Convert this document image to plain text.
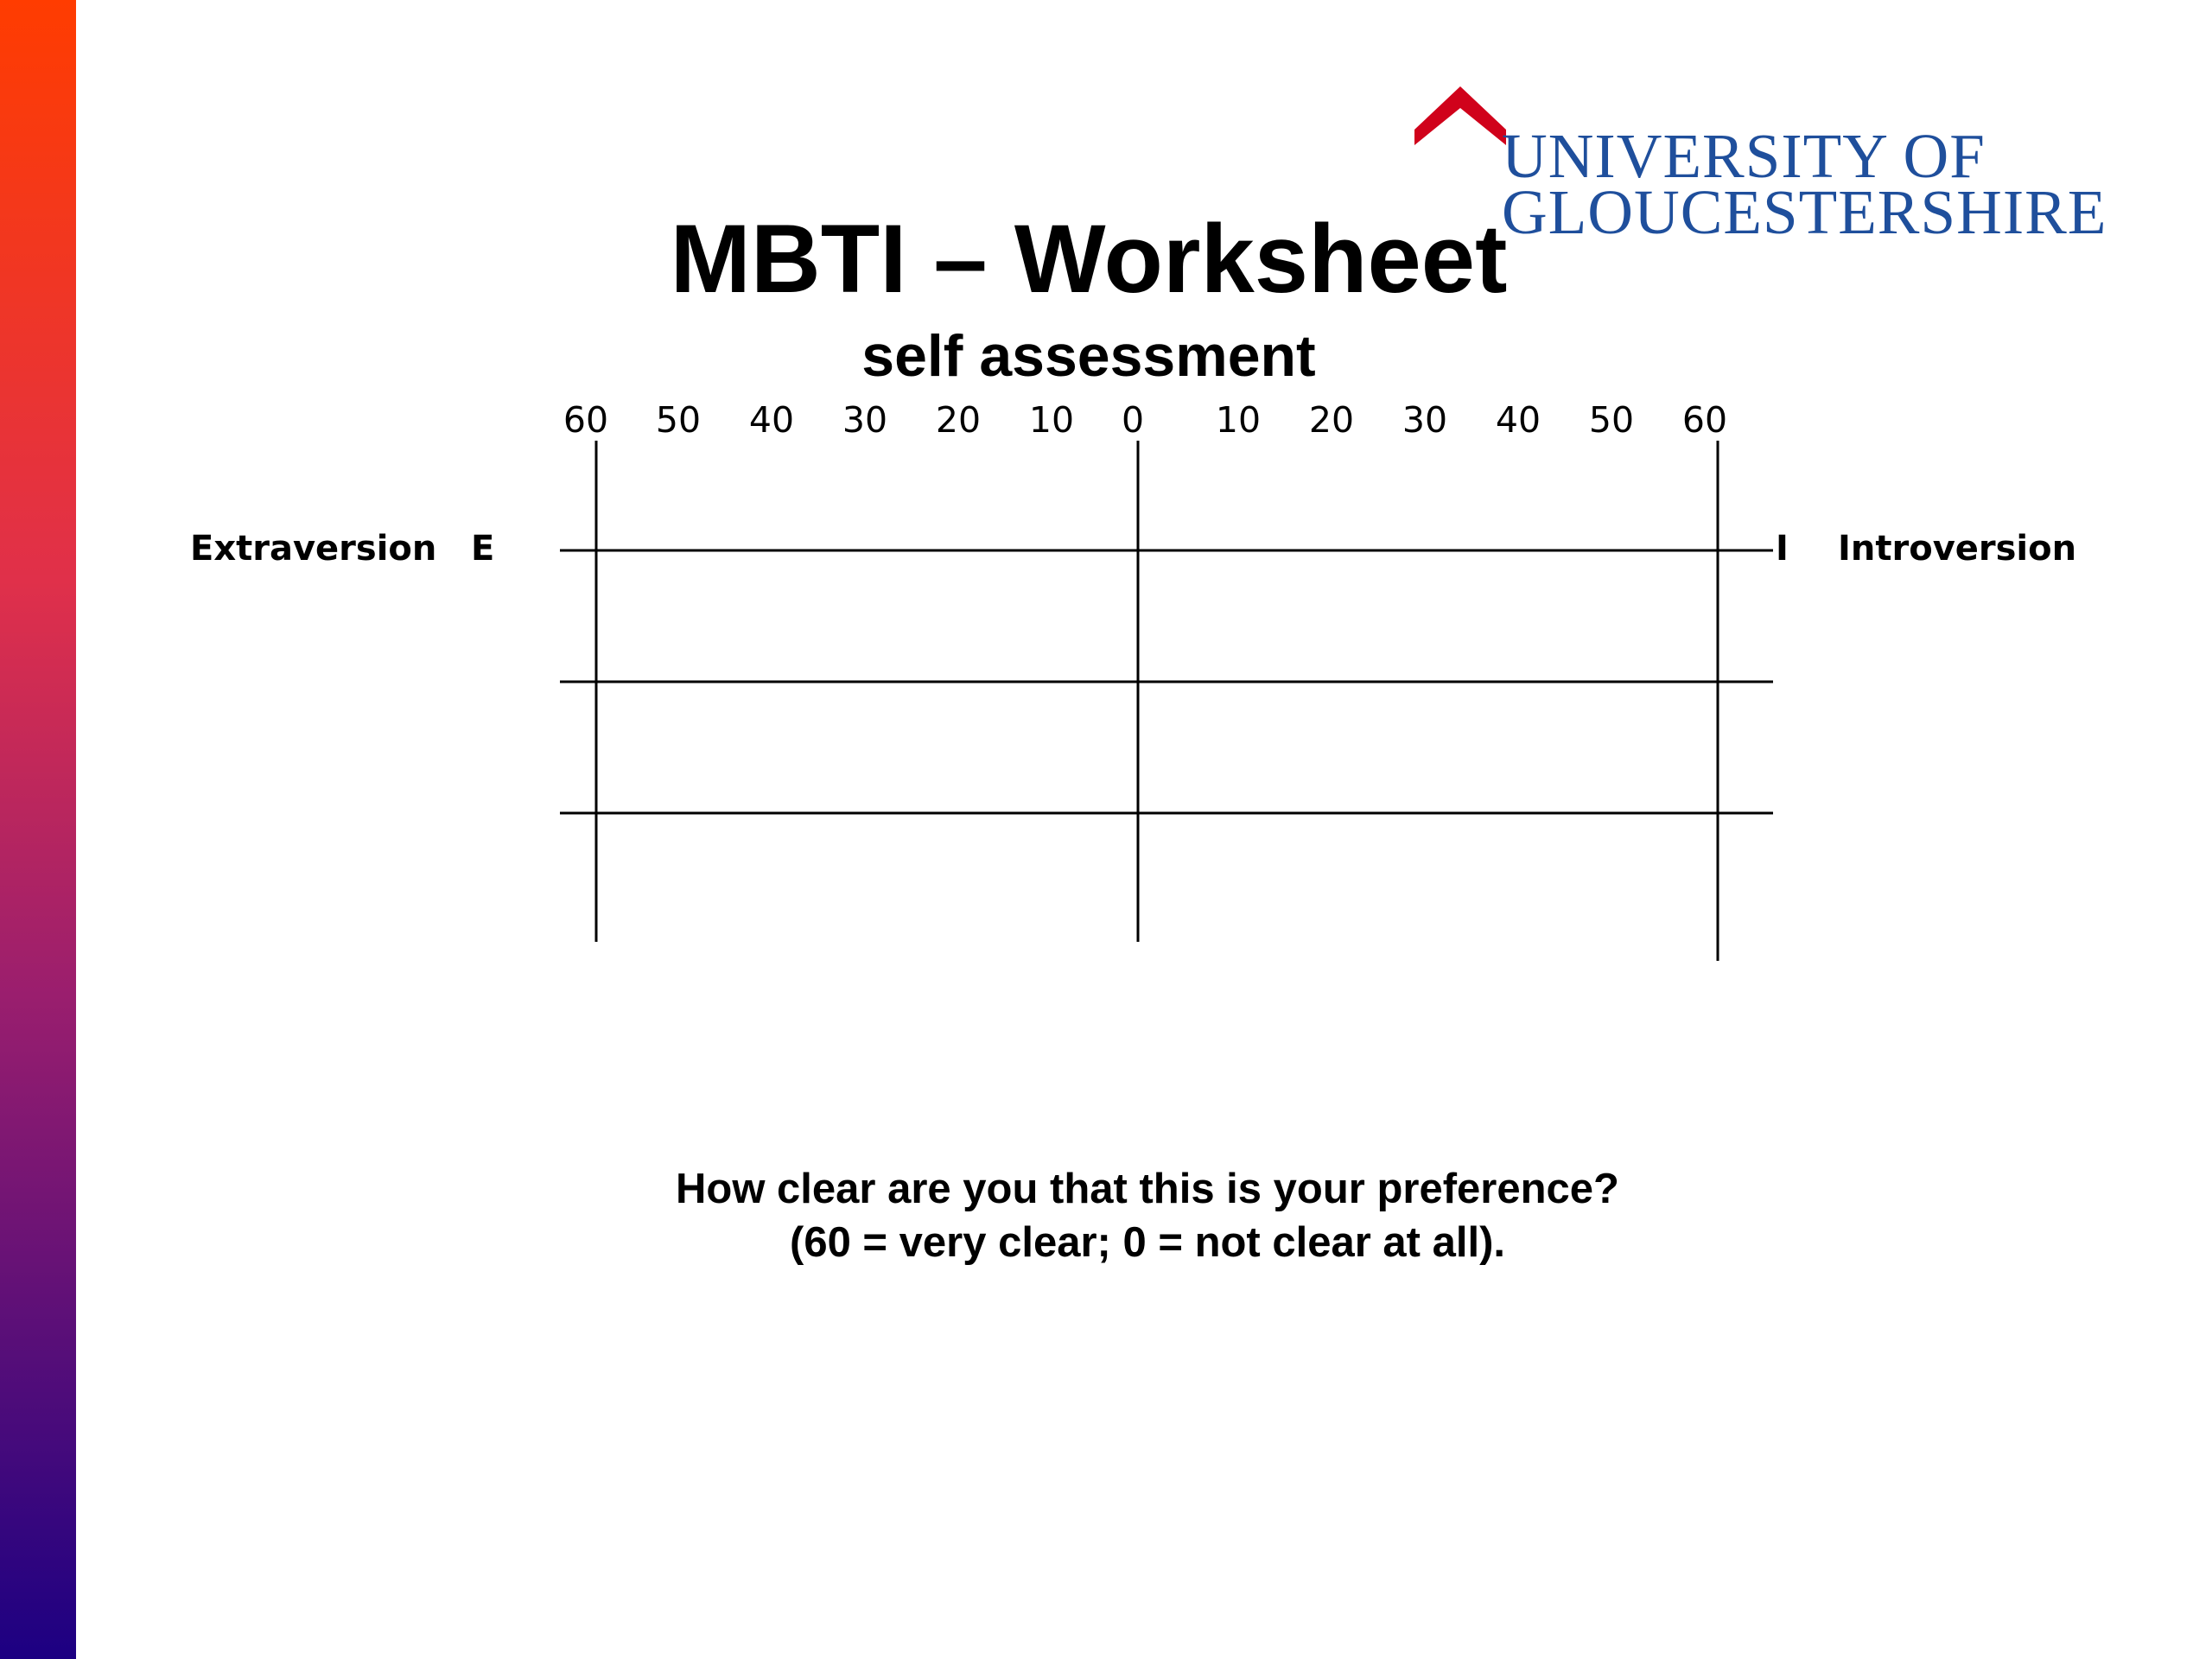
UNIVERSITY OF
GLOUCESTERSHIRE

MBTI – Worksheet
self assessment
60 50 40 30 20 10 0 10 20 30 40 50 60
Extraversion E	I Introversion

How clear are you that this is your preference?
(60 = very clear; 0 = not clear at all).
